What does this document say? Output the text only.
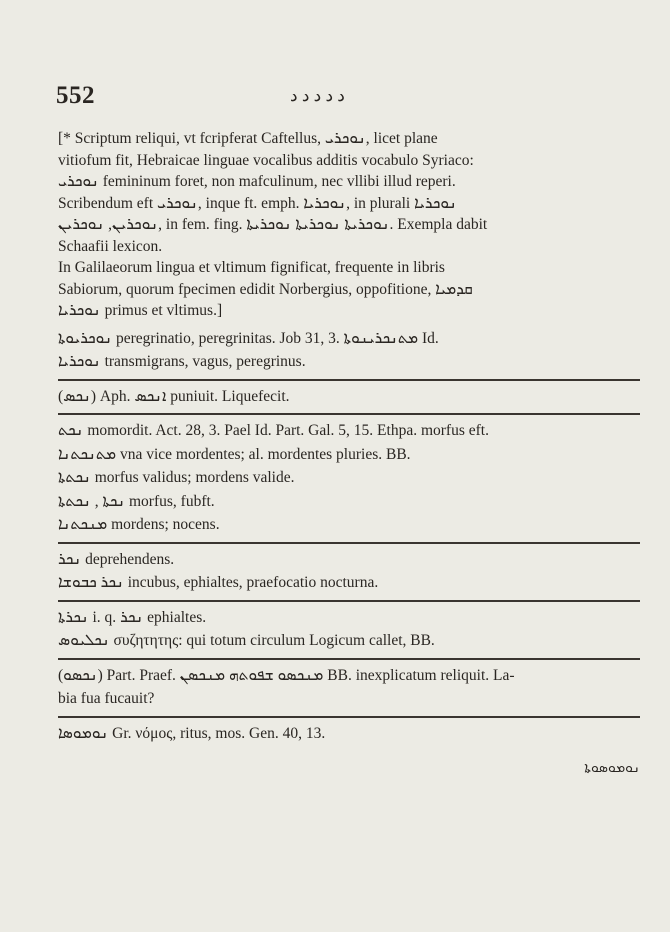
552	د د د د د
[* Scriptum reliqui, vt fcripferat Caftellus, ܢܘܟܪܝ, licet plane
vitiofum fit, Hebraicae linguae vocalibus additis vocabulo Syriaco:
ܢܘܟܪܝ femininum foret, non mafculinum, nec vllibi illud reperi.
Scribendum eft ܢܘܟܪܝ, inque ft. emph. ܢܘܟܪܝܐ, in plurali ܢܘܟܪܝܐ
ܢܘܟܪܝܢ, ܢܘܟܪܝܢ, in fem. fing. ܢܘܟܪܝܬܐ ܢܘܟܪܝܬܐ ܢܘܟܪܝܬܐ. Exempla dabit
Schaafii lexicon.
In Galilaeorum lingua et vltimum fignificat, frequente in libris
Sabiorum, quorum fpecimen edidit Norbergius, oppofitione, ܩܕܡܝܐ
ܢܘܟܪܝܐ primus et vltimus.]
ܢܘܟܪܝܘܬܐ peregrinatio, peregrinitas. Job 31, 3. ܡܬܢܟܪܝܢܘܬܐ Id.
ܢܘܟܪܝܐ transmigrans, vagus, peregrinus.
(ܢܟܣ) Aph. ܐܢܟܣ puniuit. Liquefecit.
ܢܟܬ momordit. Act. 28, 3. Pael Id. Part. Gal. 5, 15. Ethpa. morfus eft.
ܡܬܢܟܬܢܐ vna vice mordentes; al. mordentes pluries. BB.
ܢܟܬܬܐ morfus validus; mordens valide.
ܢܟܬܐ , ܢܟܬܬܐ morfus, fubft.
ܡܢܟܬܢܐ mordens; nocens.
ܢܟܪ deprehendens.
ܢܟܪ ܟܒܘܫܐ incubus, ephialtes, praefocatio nocturna.
ܢܟܪܬܐ i. q. ܢܟܪ ephialtes.
ܢܟܠܝܘܣ συζητητης: qui totum circulum Logicum callet, BB.
(ܢܟܣܘ) Part. Praef. ܡܢܟܣܘ ܫܦܘܬܗ ܡܢܟܣܢ BB. inexplicatum reliquit. La-
bia fua fucauit?
ܢܘܡܘܣܐ Gr. νόμος, ritus, mos. Gen. 40, 13.
ܢܘܡܘܣܘܬܐ
